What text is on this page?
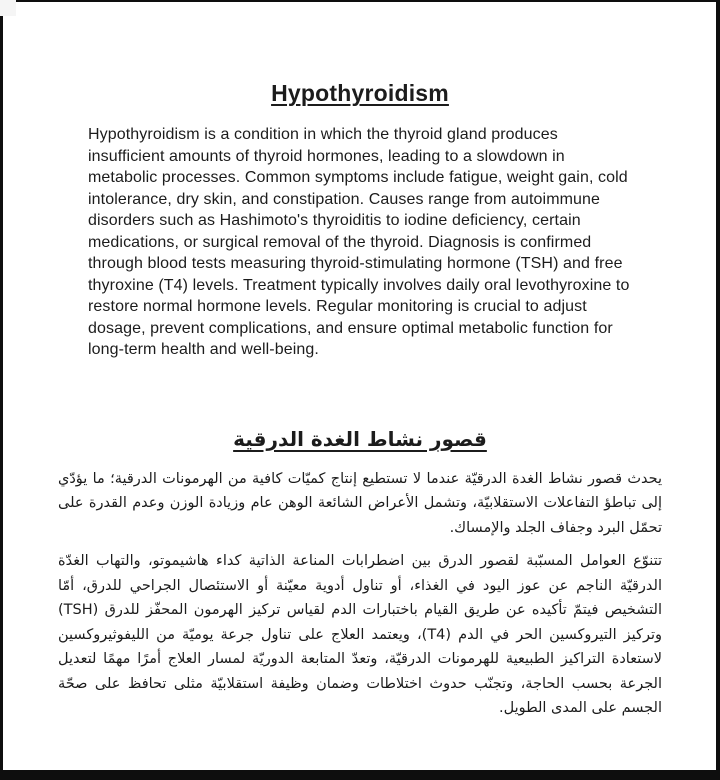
Hypothyroidism

Hypothyroidism is a condition in which the thyroid gland produces insufficient amounts of thyroid hormones, leading to a slowdown in metabolic processes. Common symptoms include fatigue, weight gain, cold intolerance, dry skin, and constipation. Causes range from autoimmune disorders such as Hashimoto's thyroiditis to iodine deficiency, certain medications, or surgical removal of the thyroid. Diagnosis is confirmed through blood tests measuring thyroid-stimulating hormone (TSH) and free thyroxine (T4) levels. Treatment typically involves daily oral levothyroxine to restore normal hormone levels. Regular monitoring is crucial to adjust dosage, prevent complications, and ensure optimal metabolic function for long-term health and well-being.

قصور نشاط الغدة الدرقية

يحدث قصور نشاط الغدة الدرقيّة عندما لا تستطيع إنتاج كميّات كافية من الهرمونات الدرقية؛ ما يؤدّي إلى تباطؤ التفاعلات الاستقلابيّة، وتشمل الأعراض الشائعة الوهن عام وزيادة الوزن وعدم القدرة على تحمّل البرد وجفاف الجلد والإمساك.

تتنوّع العوامل المسبّبة لقصور الدرق بين اضطرابات المناعة الذاتية كداء هاشيموتو، والتهاب الغدّة الدرقيّة الناجم عن عوز اليود في الغذاء، أو تناول أدوية معيّنة أو الاستئصال الجراحي للدرق، أمّا التشخيص فيتمّ تأكيده عن طريق القيام باختبارات الدم لقياس تركيز الهرمون المحفّز للدرق (TSH) وتركيز التيروكسين الحر في الدم (T4)، ويعتمد العلاج على تناول جرعة يوميّة من الليفوثيروكسين لاستعادة التراكيز الطبيعية للهرمونات الدرقيّة، وتعدّ المتابعة الدوريّة لمسار العلاج أمرًا مهمًا لتعديل الجرعة بحسب الحاجة، وتجنّب حدوث اختلاطات وضمان وظيفة استقلابيّة مثلى تحافظ على صحّة الجسم على المدى الطويل.
